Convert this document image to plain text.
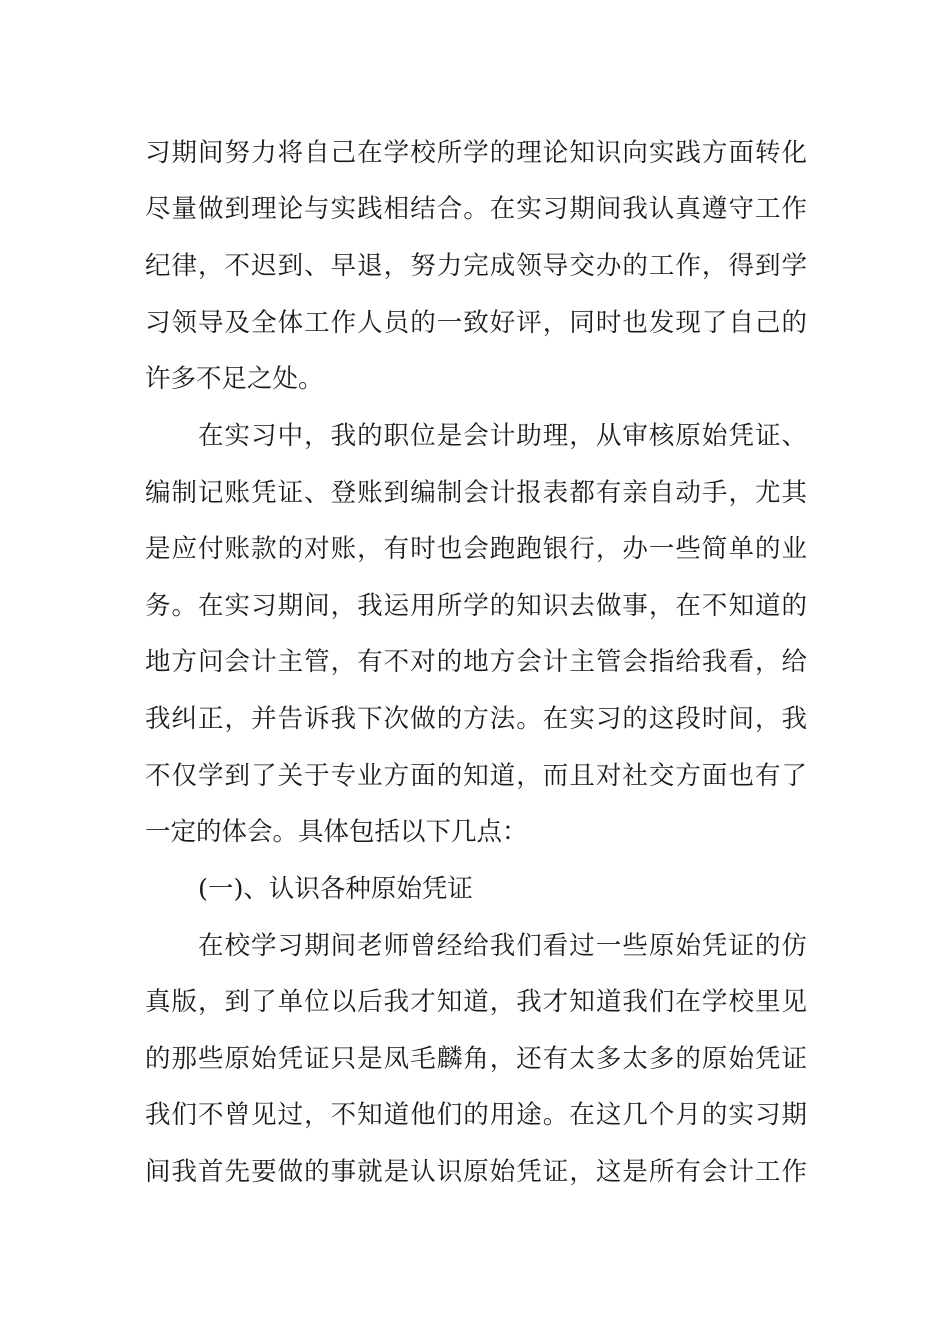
习期间努力将自己在学校所学的理论知识向实践方面转化
尽量做到理论与实践相结合。在实习期间我认真遵守工作
纪律，不迟到、早退，努力完成领导交办的工作，得到学
习领导及全体工作人员的一致好评，同时也发现了自己的
许多不足之处。
在实习中，我的职位是会计助理，从审核原始凭证、
编制记账凭证、登账到编制会计报表都有亲自动手，尤其
是应付账款的对账，有时也会跑跑银行，办一些简单的业
务。在实习期间，我运用所学的知识去做事，在不知道的
地方问会计主管，有不对的地方会计主管会指给我看，给
我纠正，并告诉我下次做的方法。在实习的这段时间，我
不仅学到了关于专业方面的知道，而且对社交方面也有了
一定的体会。具体包括以下几点：
(一)、认识各种原始凭证
在校学习期间老师曾经给我们看过一些原始凭证的仿
真版，到了单位以后我才知道，我才知道我们在学校里见
的那些原始凭证只是凤毛麟角，还有太多太多的原始凭证
我们不曾见过，不知道他们的用途。在这几个月的实习期
间我首先要做的事就是认识原始凭证，这是所有会计工作
